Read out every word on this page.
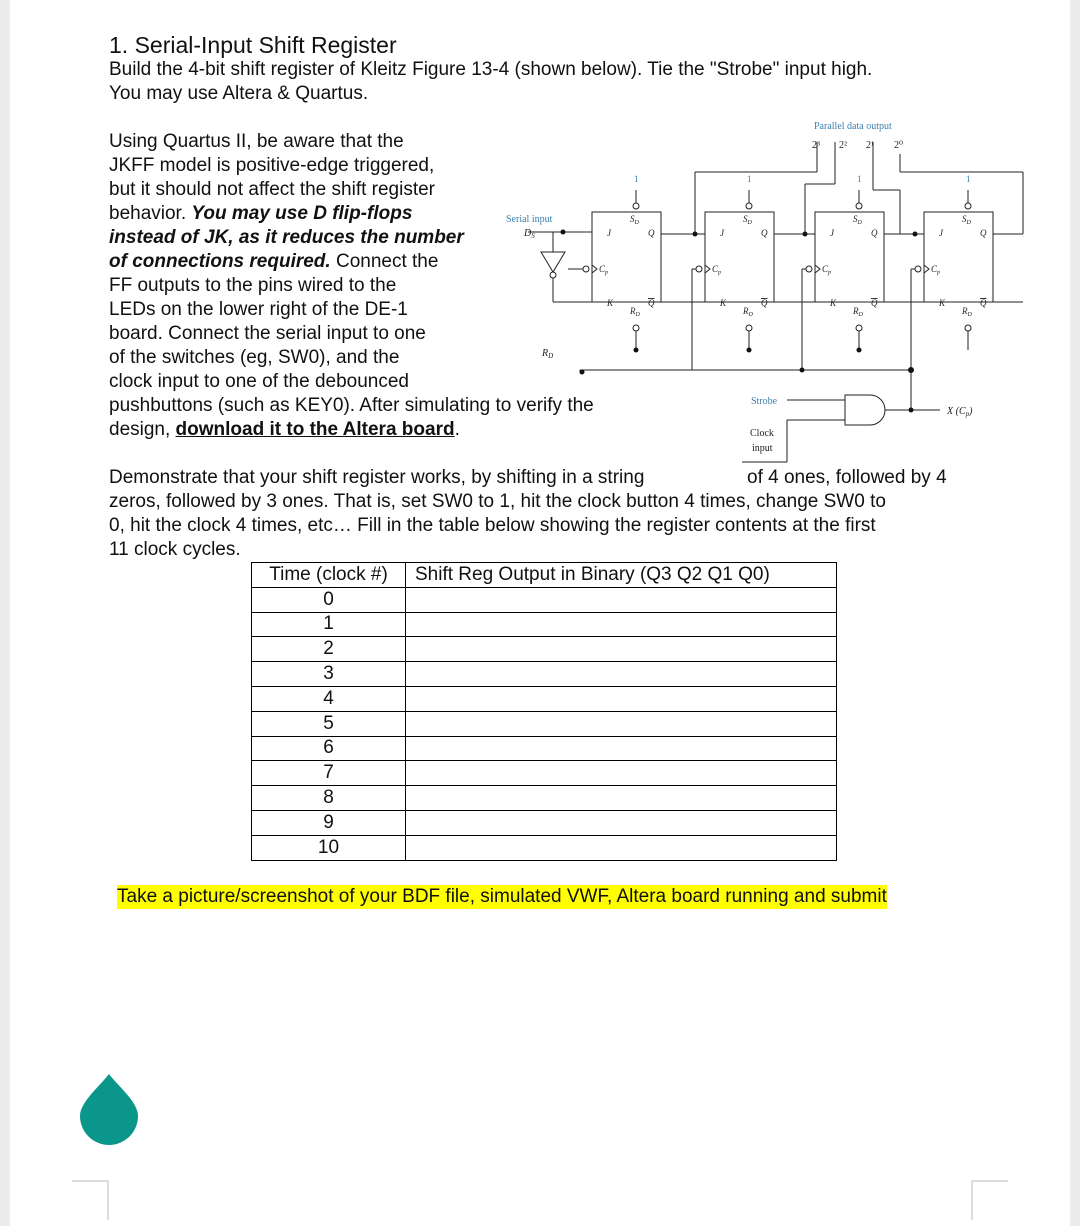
1. Serial-Input Shift Register
Build the 4-bit shift register of Kleitz Figure 13-4 (shown below). Tie the "Strobe" input high.
You may use Altera & Quartus.
Using Quartus II, be aware that the
JKFF model is positive-edge triggered,
but it should not affect the shift register
behavior. You may use D flip-flops
instead of JK, as it reduces the number
of connections required. Connect the
FF outputs to the pins wired to the
LEDs on the lower right of the DE-1
board. Connect the serial input to one
of the switches (eg, SW0), and the
clock input to one of the debounced
pushbuttons (such as KEY0). After simulating to verify the
design, download it to the Altera board.
Demonstrate that your shift register works, by shifting in a string	of 4 ones, followed by 4
zeros, followed by 3 ones. That is, set SW0 to 1, hit the clock button 4 times, change SW0 to
0, hit the clock 4 times, etc… Fill in the table below showing the register contents at the first
11 clock cycles.
Parallel data output
Serial input
Strobe
2³ 2² 2¹ 2⁰
$D_S$
$R_D$
Clock
input
X $(C_p)$
J	J	J	J
K	K	K	K
Q	Q	Q	Q
Q	Q	Q	Q
$S_D$	$S_D$	$S_D$	$S_D$
$R_D$	$R_D$	$R_D$	$R_D$
$C_p$	$C_p$	$C_p$	$C_p$
1	1	1	1
Time (clock #)	Shift Reg Output in Binary (Q3 Q2 Q1 Q0)
0	
1	
2	
3	
4	
5	
6	
7	
8	
9	
10	
Take a picture/screenshot of your BDF file, simulated VWF, Altera board running and submit
